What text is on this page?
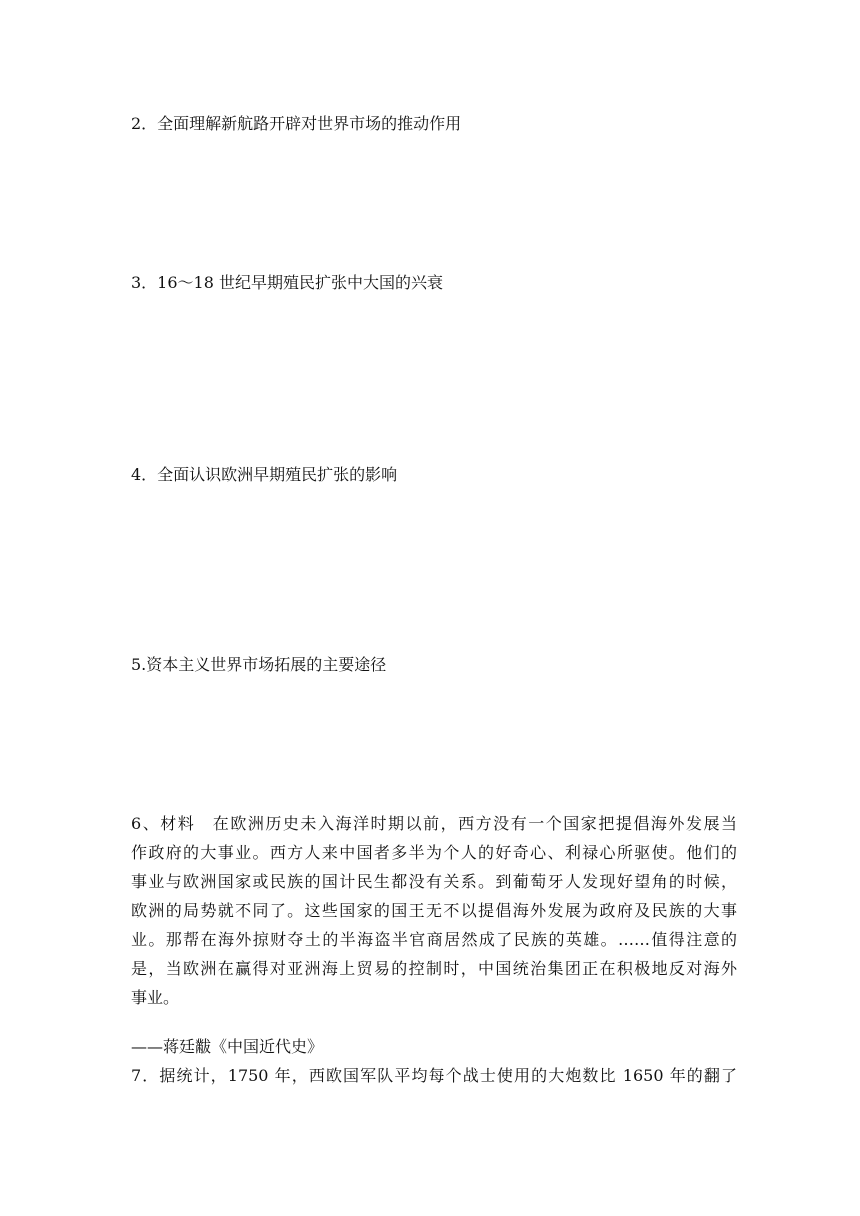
2．全面理解新航路开辟对世界市场的推动作用

3．16～18 世纪早期殖民扩张中大国的兴衰

4．全面认识欧洲早期殖民扩张的影响

5.资本主义世界市场拓展的主要途径

6、材料　在欧洲历史未入海洋时期以前，西方没有一个国家把提倡海外发展当
作政府的大事业。西方人来中国者多半为个人的好奇心、利禄心所驱使。他们的
事业与欧洲国家或民族的国计民生都没有关系。到葡萄牙人发现好望角的时候，
欧洲的局势就不同了。这些国家的国王无不以提倡海外发展为政府及民族的大事
业。那帮在海外掠财夺土的半海盗半官商居然成了民族的英雄。……值得注意的
是，当欧洲在赢得对亚洲海上贸易的控制时，中国统治集团正在积极地反对海外
事业。

——蒋廷黻《中国近代史》

7．据统计，1750 年，西欧国军队平均每个战士使用的大炮数比 1650 年的翻了
